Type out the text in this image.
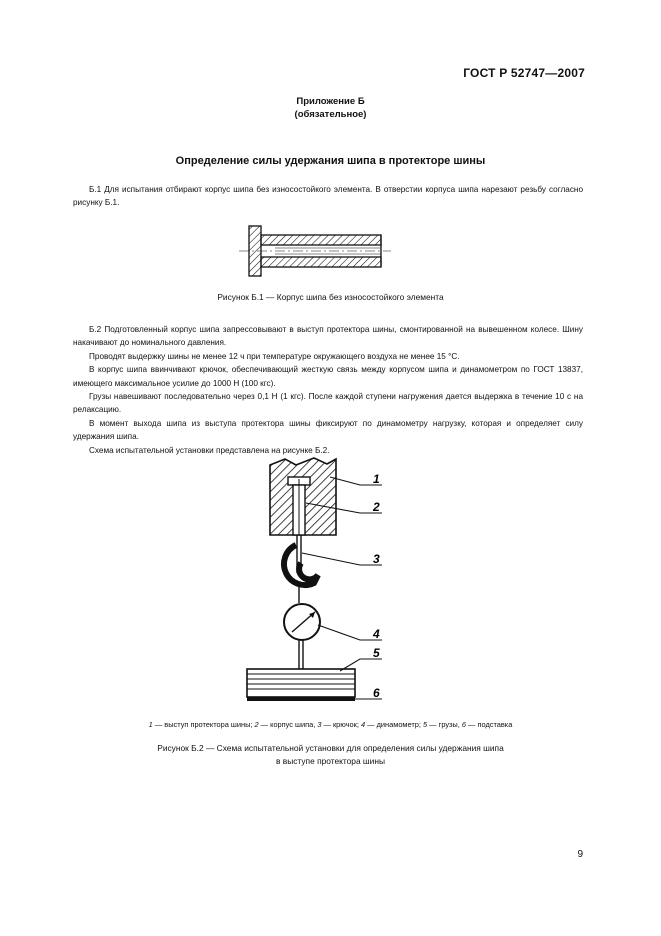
ГОСТ Р 52747—2007
Приложение Б
(обязательное)
Определение силы удержания шипа в протекторе шины

Б.1 Для испытания отбирают корпус шипа без износостойкого элемента. В отверстии корпуса шипа нарезают резьбу согласно рисунку Б.1.

Рисунок Б.1 — Корпус шипа без износостойкого элемента

Б.2 Подготовленный корпус шипа запрессовывают в выступ протектора шины, смонтированной на вывешенном колесе. Шину накачивают до номинального давления.

Проводят выдержку шины не менее 12 ч при температуре окружающего воздуха не менее 15 °С.

В корпус шипа ввинчивают крючок, обеспечивающий жесткую связь между корпусом шипа и динамометром по ГОСТ 13837, имеющего максимальное усилие до 1000 Н (100 кгс).

Грузы навешивают последовательно через 0,1 Н (1 кгс). После каждой ступени нагружения дается выдержка в течение 10 с на релаксацию.

В момент выхода шипа из выступа протектора шины фиксируют по динамометру нагрузку, которая и определяет силу удержания шипа.

Схема испытательной установки представлена на рисунке Б.2.

1
2
3
4
5
6
1 — выступ протектора шины; 2 — корпус шипа, 3 — крючок; 4 — динамометр; 5 — грузы, 6 — подставка
Рисунок Б.2 — Схема испытательной установки для определения силы удержания шипа
в выступе протектора шины
9
